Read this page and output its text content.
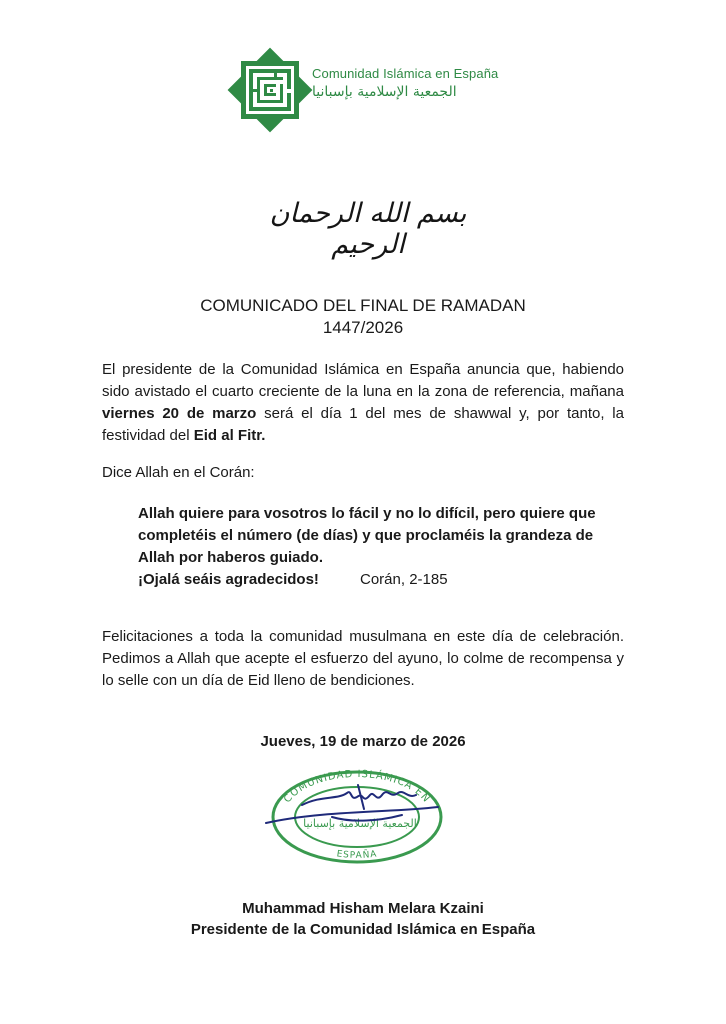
Comunidad Islámica en España
الجمعية الإسلامية بإسبانيا
بسم الله الرحمان الرحيم
COMUNICADO DEL FINAL DE RAMADAN
1447/2026
El presidente de la Comunidad Islámica en España anuncia que, habiendo sido avistado el cuarto creciente de la luna en la zona de referencia, mañana viernes 20 de marzo será el día 1 del mes de shawwal y, por tanto, la festividad del Eid al Fitr.
Dice Allah en el Corán:
Allah quiere para vosotros lo fácil y no lo difícil, pero quiere que completéis el número (de días) y que proclaméis la grandeza de Allah por haberos guiado.
¡Ojalá seáis agradecidos!	Corán, 2-185
Felicitaciones a toda la comunidad musulmana en este día de celebración. Pedimos a Allah que acepte el esfuerzo del ayuno, lo colme de recompensa y lo selle con un día de Eid lleno de bendiciones.
Jueves, 19 de marzo de 2026
COMUNIDAD ISLÁMICA EN
ESPAÑA
الجمعية الإسلامية بإسبانيا
Muhammad Hisham Melara Kzaini
Presidente de la Comunidad Islámica en España
